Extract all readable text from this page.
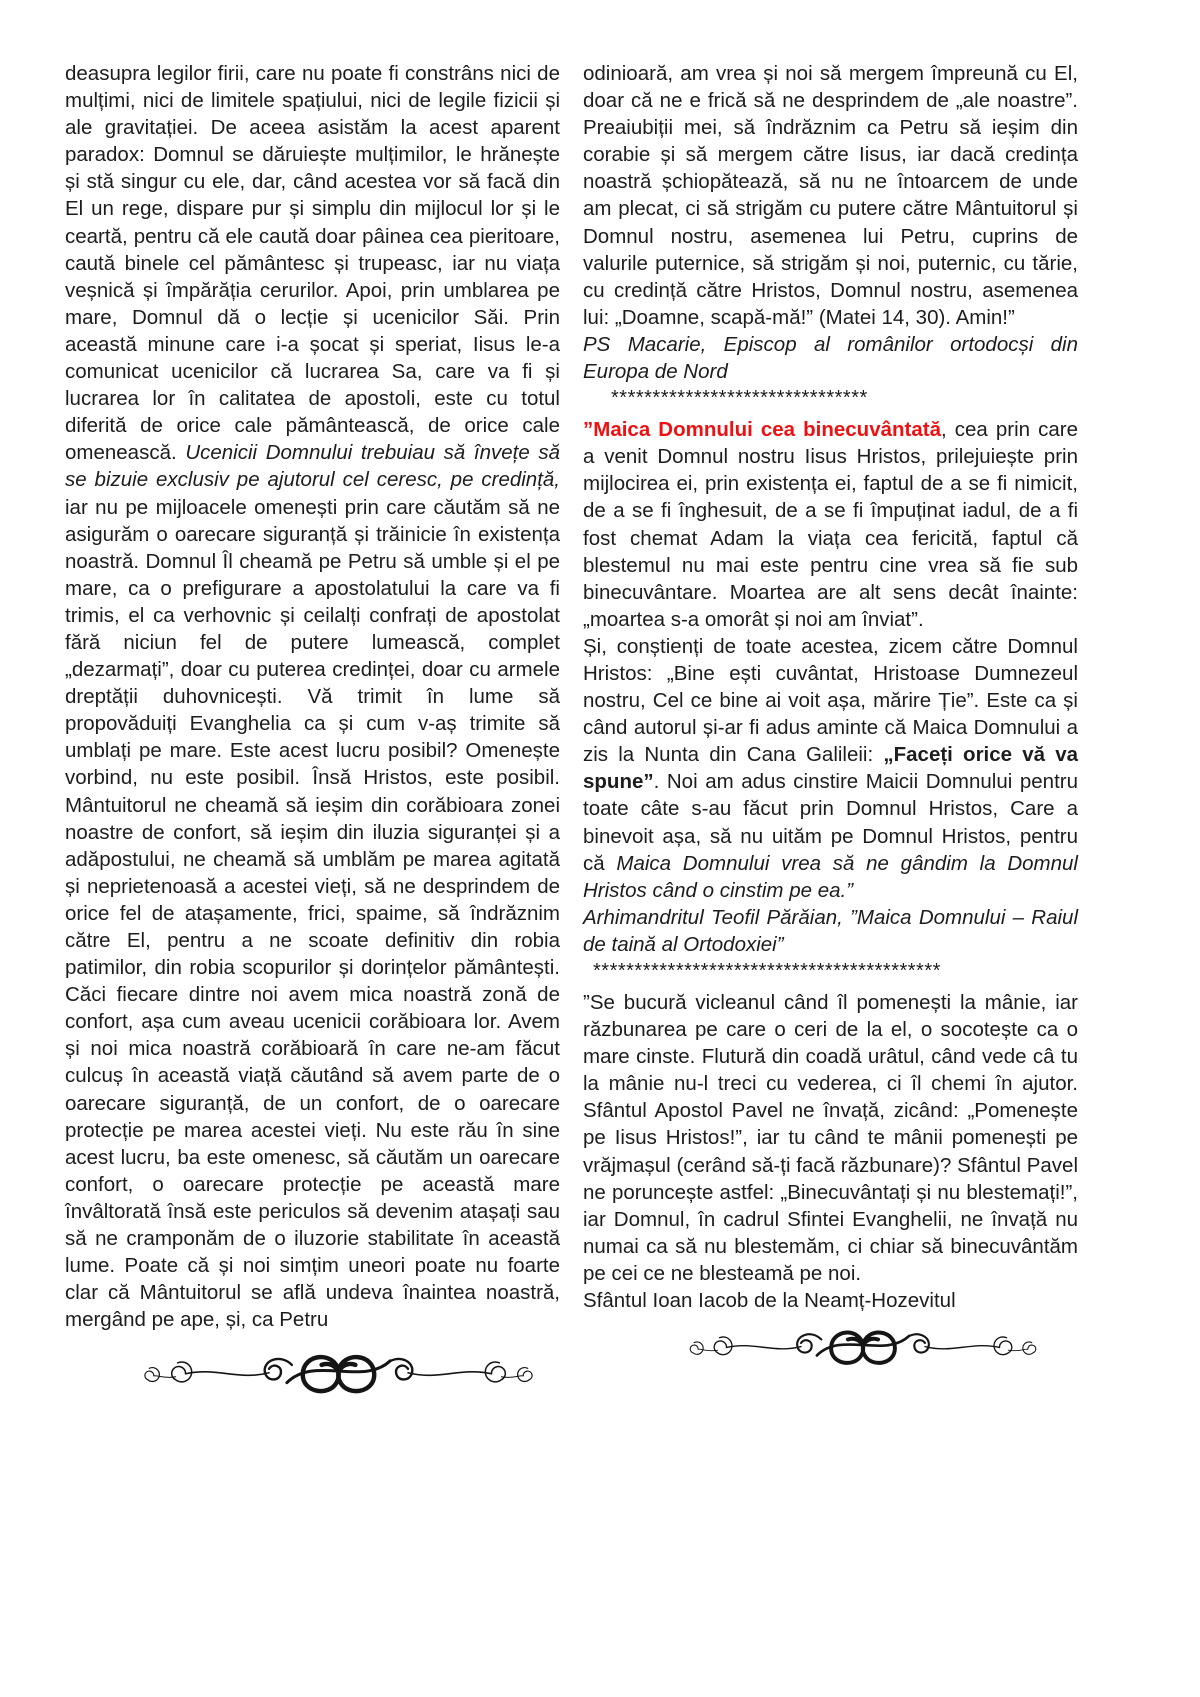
deasupra legilor firii, care nu poate fi constrâns nici de mulțimi, nici de limitele spațiului, nici de legile fizicii și ale gravitației. De aceea asistăm la acest aparent paradox: Domnul se dăruiește mulțimilor, le hrănește și stă singur cu ele, dar, când acestea vor să facă din El un rege, dispare pur și simplu din mijlocul lor și le ceartă, pentru că ele caută doar pâinea cea pieritoare, caută binele cel pământesc și trupeasc, iar nu viața veșnică și împărăția cerurilor. Apoi, prin umblarea pe mare, Domnul dă o lecție și ucenicilor Săi. Prin această minune care i-a șocat și speriat, Iisus le-a comunicat ucenicilor că lucrarea Sa, care va fi și lucrarea lor în calitatea de apostoli, este cu totul diferită de orice cale pământească, de orice cale omenească. Ucenicii Domnului trebuiau să învețe să se bizuie exclusiv pe ajutorul cel ceresc, pe credință, iar nu pe mijloacele omenești prin care căutăm să ne asigurăm o oarecare siguranță și trăinicie în existența noastră. Domnul Îl cheamă pe Petru să umble și el pe mare, ca o prefigurare a apostolatului la care va fi trimis, el ca verhovnic și ceilalți confrați de apostolat fără niciun fel de putere lumească, complet „dezarmați”, doar cu puterea credinței, doar cu armele dreptății duhovnicești. Vă trimit în lume să propovăduiți Evanghelia ca și cum v-aș trimite să umblați pe mare. Este acest lucru posibil? Omenește vorbind, nu este posibil. Însă Hristos, este posibil. Mântuitorul ne cheamă să ieșim din corăbioara zonei noastre de confort, să ieșim din iluzia siguranței și a adăpostului, ne cheamă să umblăm pe marea agitată și neprietenoasă a acestei vieți, să ne desprindem de orice fel de atașamente, frici, spaime, să îndrăznim către El, pentru a ne scoate definitiv din robia patimilor, din robia scopurilor și dorințelor pământești. Căci fiecare dintre noi avem mica noastră zonă de confort, așa cum aveau ucenicii corăbioara lor. Avem și noi mica noastră corăbioară în care ne-am făcut culcuș în această viață căutând să avem parte de o oarecare siguranță, de un confort, de o oarecare protecție pe marea acestei vieți. Nu este rău în sine acest lucru, ba este omenesc, să căutăm un oarecare confort, o oarecare protecție pe această mare învâltorată însă este periculos să devenim atașați sau să ne cramponăm de o iluzorie stabilitate în această lume. Poate că și noi simțim uneori poate nu foarte clar că Mântuitorul se află undeva înaintea noastră, mergând pe ape, și, ca Petru

odinioară, am vrea și noi să mergem împreună cu El, doar că ne e frică să ne desprindem de „ale noastre”. Preaiubiții mei, să îndrăznim ca Petru să ieșim din corabie și să mergem către Iisus, iar dacă credința noastră șchiopătează, să nu ne întoarcem de unde am plecat, ci să strigăm cu putere către Mântuitorul și Domnul nostru, asemenea lui Petru, cuprins de valurile puternice, să strigăm și noi, puternic, cu tărie, cu credință către Hristos, Domnul nostru, asemenea lui: „Doamne, scapă-mă!” (Matei 14, 30). Amin!”

PS Macarie, Episcop al românilor ortodocși din Europa de Nord

*******************************

”Maica Domnului cea binecuvântată, cea prin care a venit Domnul nostru Iisus Hristos, prilejuiește prin mijlocirea ei, prin existența ei, faptul de a se fi nimicit, de a se fi înghesuit, de a se fi împuținat iadul, de a fi fost chemat Adam la viața cea fericită, faptul că blestemul nu mai este pentru cine vrea să fie sub binecuvântare. Moartea are alt sens decât înainte: „moartea s-a omorât și noi am înviat”.

Și, conștienți de toate acestea, zicem către Domnul Hristos: „Bine ești cuvântat, Hristoase Dumnezeul nostru, Cel ce bine ai voit așa, mărire Ție”. Este ca și când autorul și-ar fi adus aminte că Maica Domnului a zis la Nunta din Cana Galileii: „Faceți orice vă va spune”. Noi am adus cinstire Maicii Domnului pentru toate câte s-au făcut prin Domnul Hristos, Care a binevoit așa, să nu uităm pe Domnul Hristos, pentru că Maica Domnului vrea să ne gândim la Domnul Hristos când o cinstim pe ea.”

Arhimandritul Teofil Părăian, ”Maica Domnului – Raiul de taină al Ortodoxiei”

******************************************

”Se bucură vicleanul când îl pomenești la mânie, iar răzbunarea pe care o ceri de la el, o socotește ca o mare cinste. Flutură din coadă urâtul, când vede câ tu la mânie nu-l treci cu vederea, ci îl chemi în ajutor. Sfântul Apostol Pavel ne învață, zicând: „Pomenește pe Iisus Hristos!”, iar tu când te mânii pomenești pe vrăjmașul (cerând să-ți facă răzbunare)? Sfântul Pavel ne poruncește astfel: „Binecuvântați și nu blestemați!”, iar Domnul, în cadrul Sfintei Evanghelii, ne învață nu numai ca să nu blestemăm, ci chiar să binecuvântăm pe cei ce ne blesteamă pe noi.

Sfântul Ioan Iacob de la Neamț-Hozevitul
